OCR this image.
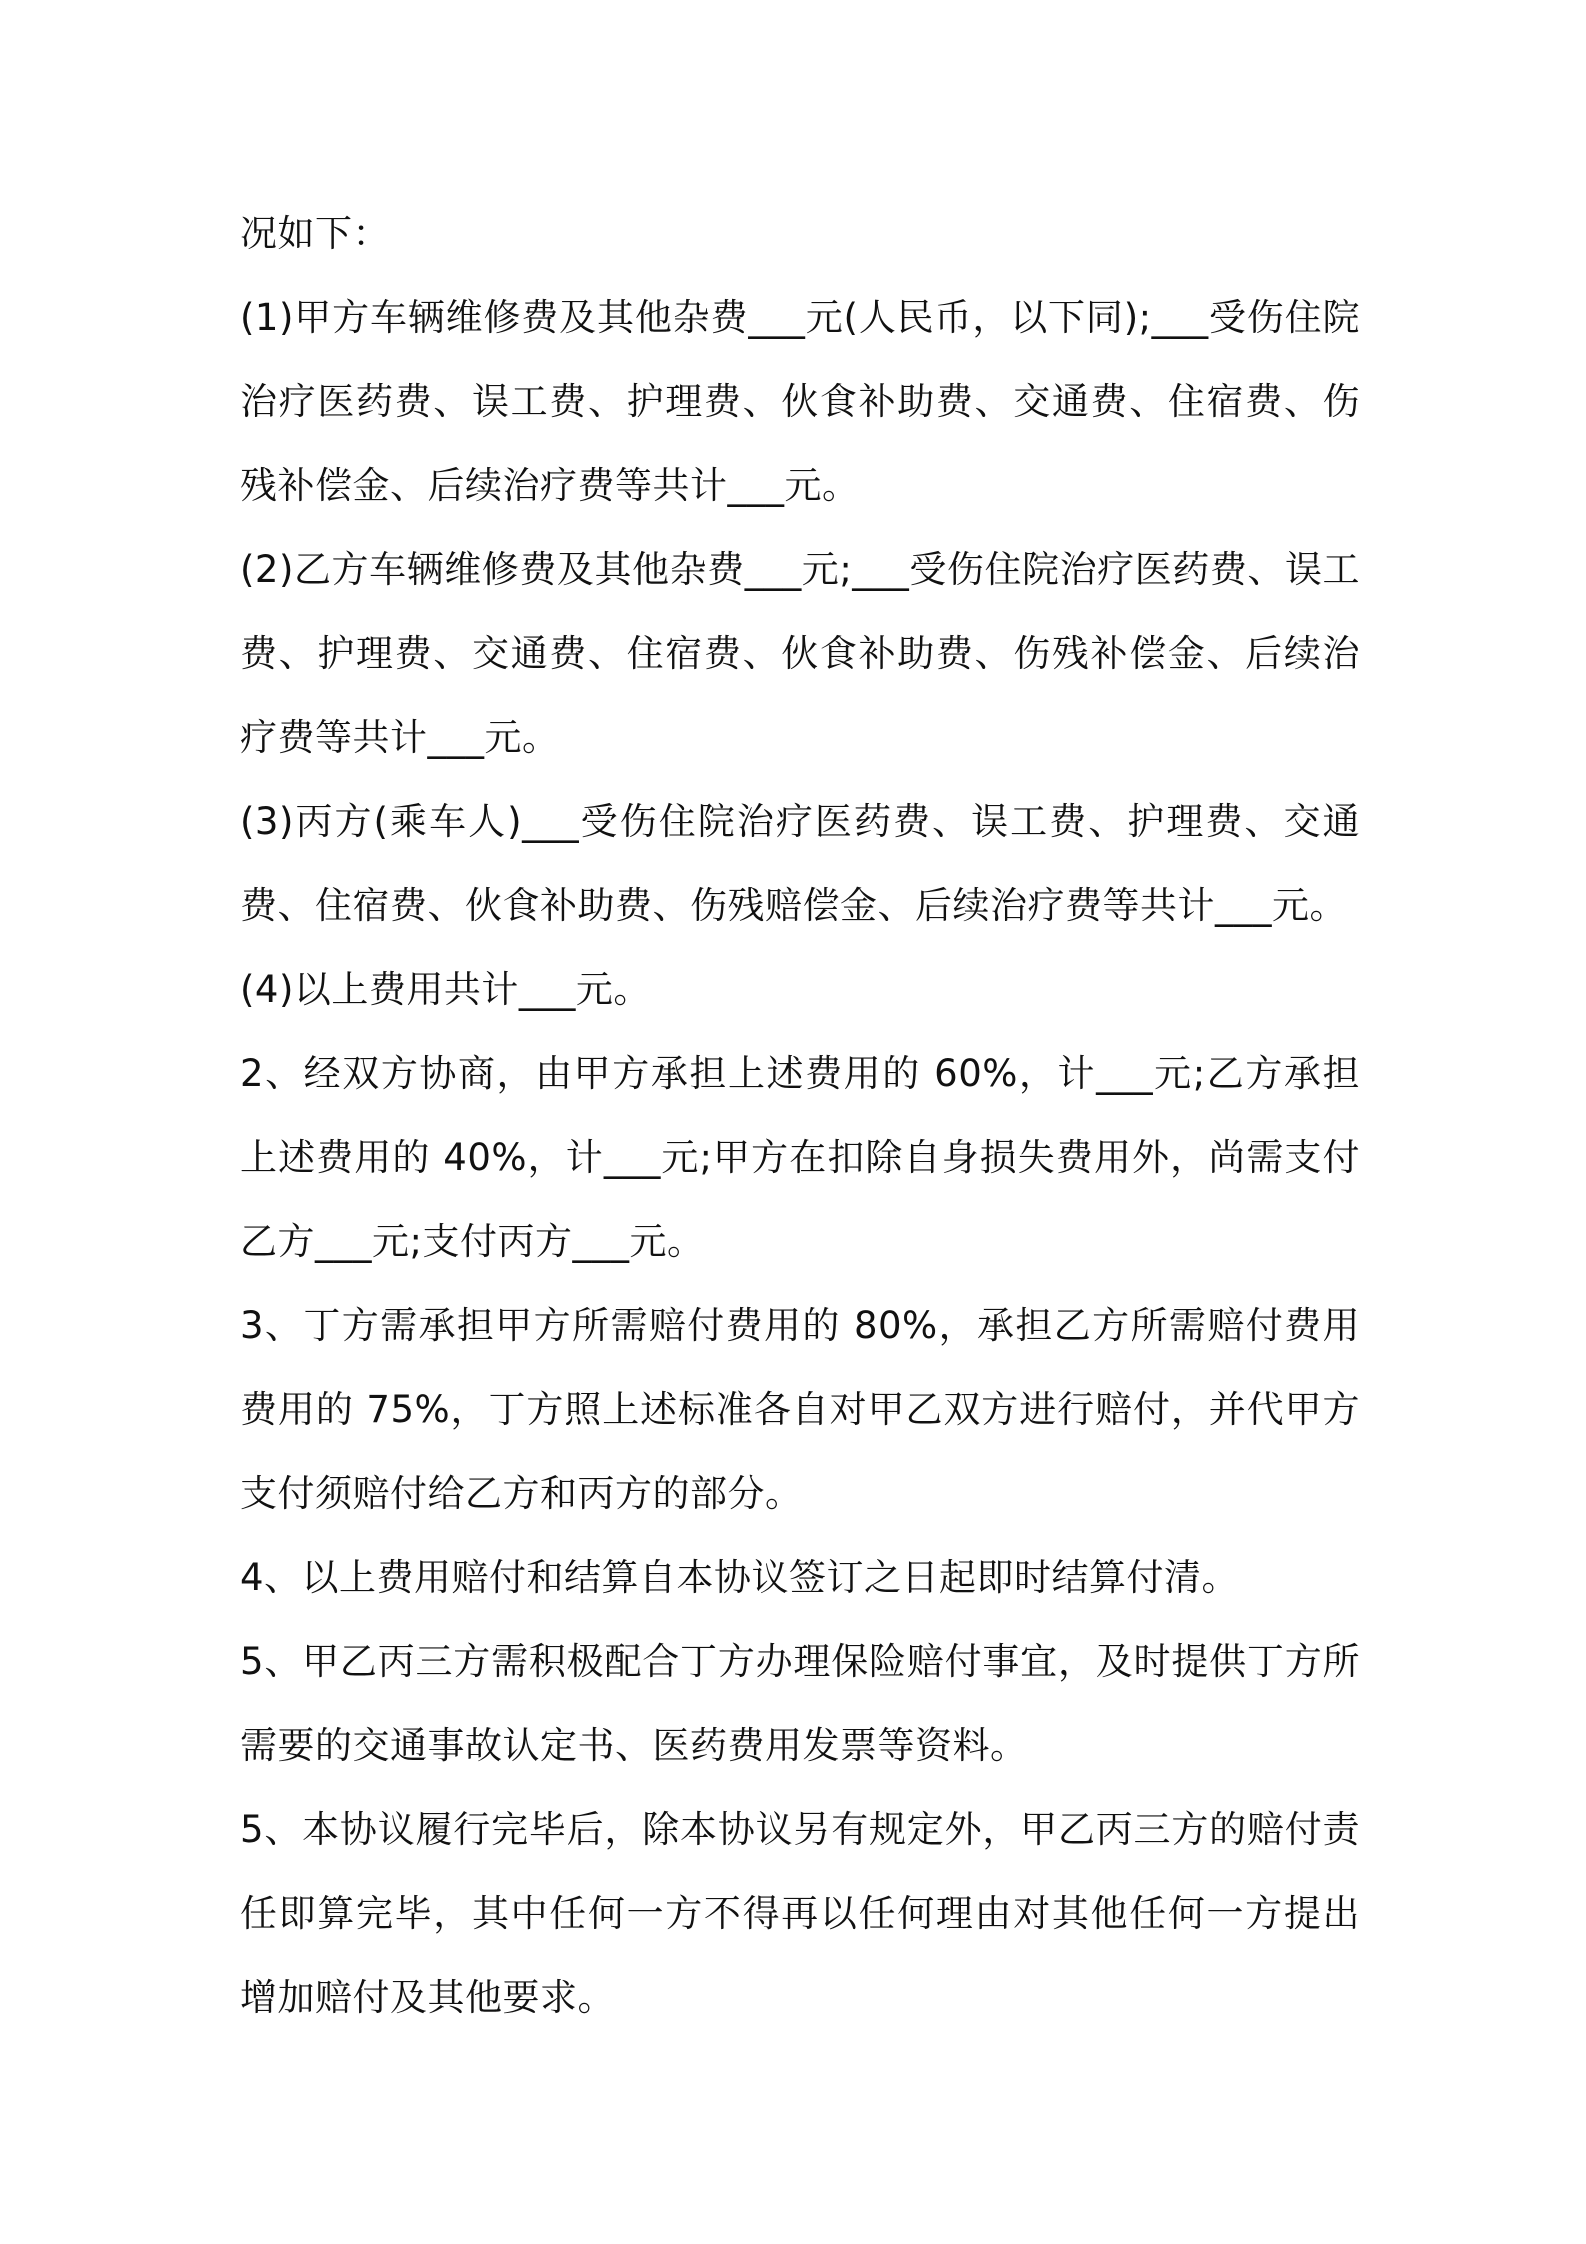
况如下：

(1)甲方车辆维修费及其他杂费___元(人民币，以下同);___受伤住院治疗医药费、误工费、护理费、伙食补助费、交通费、住宿费、伤残补偿金、后续治疗费等共计___元。

(2)乙方车辆维修费及其他杂费___元;___受伤住院治疗医药费、误工费、护理费、交通费、住宿费、伙食补助费、伤残补偿金、后续治疗费等共计___元。

(3)丙方(乘车人)___受伤住院治疗医药费、误工费、护理费、交通费、住宿费、伙食补助费、伤残赔偿金、后续治疗费等共计___元。

(4)以上费用共计___元。

2、经双方协商，由甲方承担上述费用的 60%，计___元;乙方承担上述费用的 40%，计___元;甲方在扣除自身损失费用外，尚需支付乙方___元;支付丙方___元。

3、丁方需承担甲方所需赔付费用的 80%，承担乙方所需赔付费用费用的 75%，丁方照上述标准各自对甲乙双方进行赔付，并代甲方支付须赔付给乙方和丙方的部分。

4、以上费用赔付和结算自本协议签订之日起即时结算付清。

5、甲乙丙三方需积极配合丁方办理保险赔付事宜，及时提供丁方所需要的交通事故认定书、医药费用发票等资料。

5、本协议履行完毕后，除本协议另有规定外，甲乙丙三方的赔付责任即算完毕，其中任何一方不得再以任何理由对其他任何一方提出增加赔付及其他要求。
